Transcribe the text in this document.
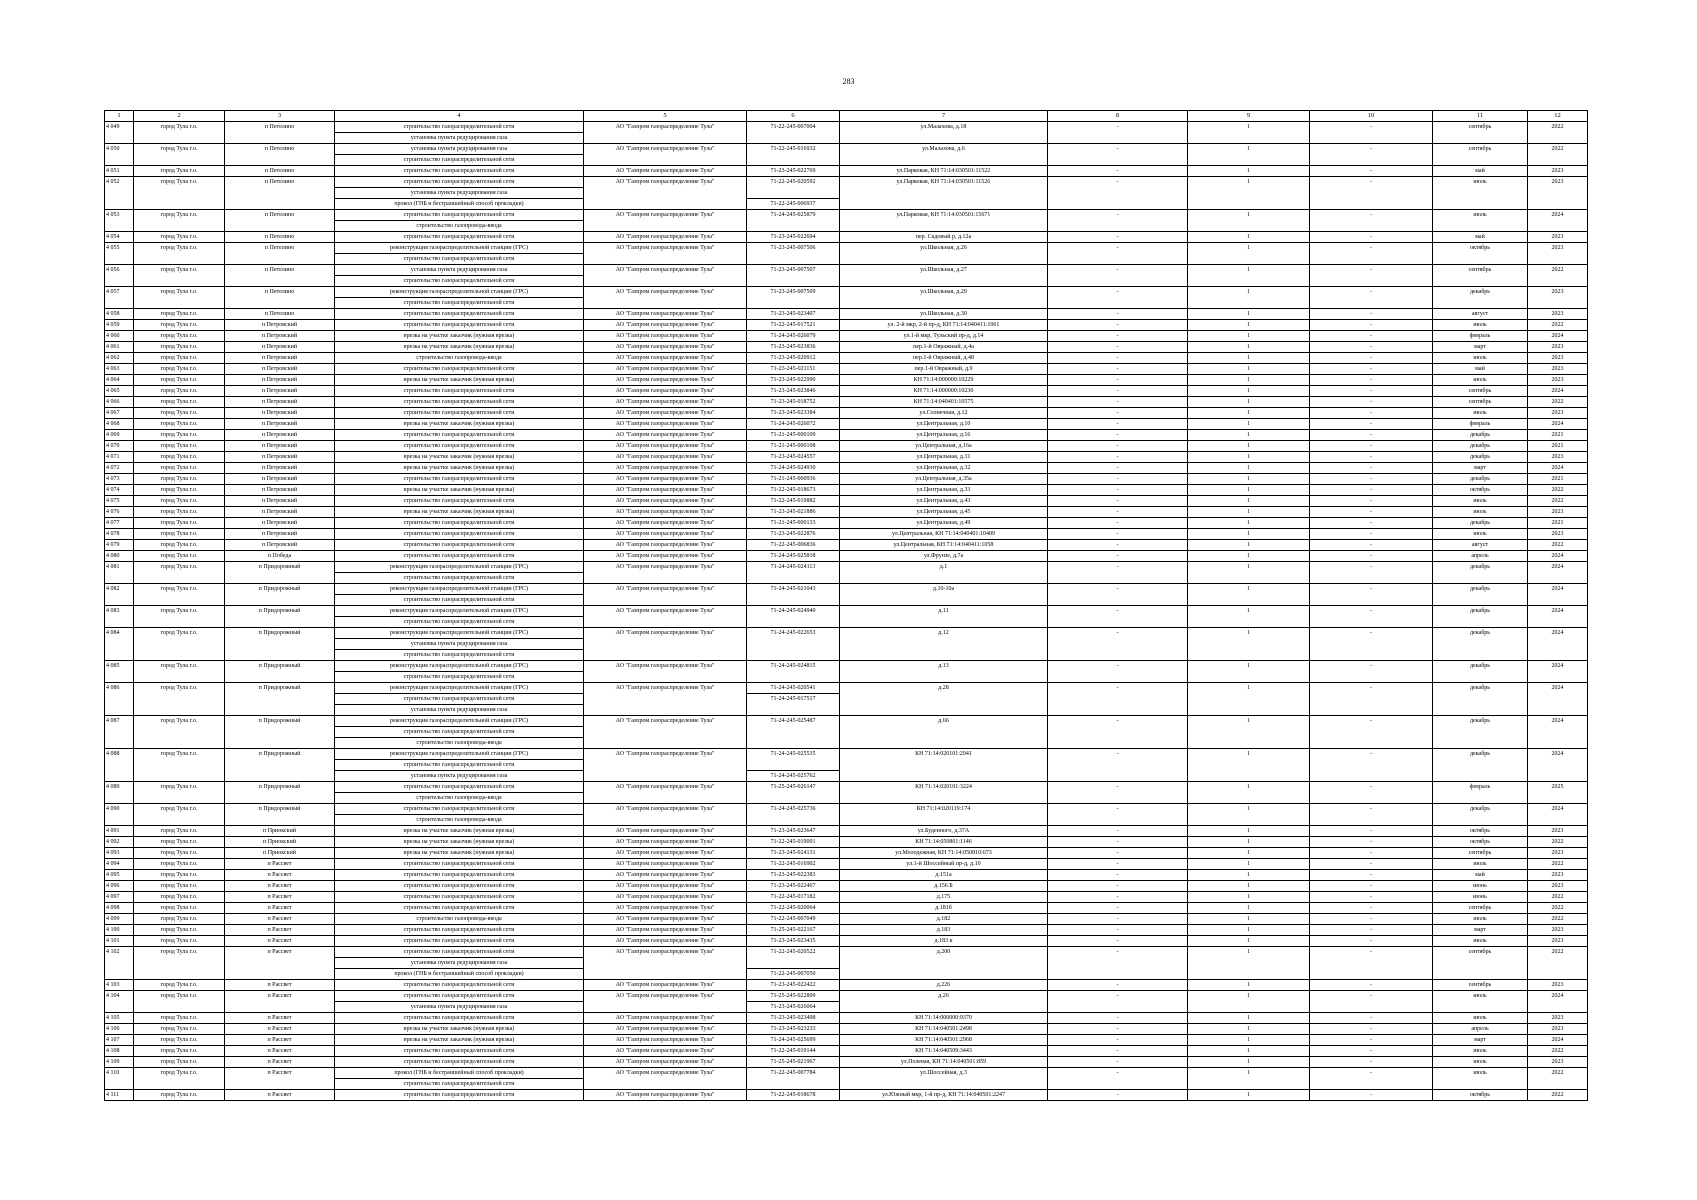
283
1	2	3	4	5	6	7	8	9	10	11	12
4 049	город Тула г.о.	п Петелино	строительство газораспределительной сети	АО "Газпром газораспределение Тула"	71-22-245-007004	ул.Малахова, д.18	-	1	-	сентябрь	2022
			установка пункта редуцирования газа								
4 050	город Тула г.о.	п Петелино	установка пункта редуцирования газа	АО "Газпром газораспределение Тула"	71-22-245-016932	ул.Малахова, д.6	-	1	-	сентябрь	2022
			строительство газораспределительной сети								
4 051	город Тула г.о.	п Петелино	строительство газораспределительной сети	АО "Газпром газораспределение Тула"	71-23-245-022769	ул.Парковая, КН 71:14:030501:11522	-	1	-	май	2023
4 052	город Тула г.о.	п Петелино	строительство газораспределительной сети	АО "Газпром газораспределение Тула"	71-22-245-020592	ул.Парковая, КН 71:14:030501:11526	-	1	-	июль	2023
			установка пункта редуцирования газа								
			прокол (ГНБ и бестраншейный способ прокладки)		71-22-245-006937						
4 053	город Тула г.о.	п Петелино	строительство газораспределительной сети	АО "Газпром газораспределение Тула"	71-24-245-025879	ул.Парковая, КН 71:14:030501:15671	-	1	-	июль	2024
			строительство газопровода-ввода								
4 054	город Тула г.о.	п Петелино	строительство газораспределительной сети	АО "Газпром газораспределение Тула"	71-23-245-022694	пер. Садовый р, д.12а	-	1	-	май	2023
4 055	город Тула г.о.	п Петелино	реконструкция газораспределительной станции (ГРС)	АО "Газпром газораспределение Тула"	71-23-245-007506	ул.Школьная, д.26	-	1	-	октябрь	2023
			строительство газораспределительной сети								
4 056	город Тула г.о.	п Петелино	установка пункта редуцирования газа	АО "Газпром газораспределение Тула"	71-23-245-007507	ул.Школьная, д.27	-	1	-	сентябрь	2022
			строительство газораспределительной сети								
4 057	город Тула г.о.	п Петелино	реконструкция газораспределительной станции (ГРС)	АО "Газпром газораспределение Тула"	71-23-245-007509	ул.Школьная, д.29	-	1	-	декабрь	2023
			строительство газораспределительной сети								
4 058	город Тула г.о.	п Петелино	строительство газораспределительной сети	АО "Газпром газораспределение Тула"	71-23-245-023407	ул.Школьная, д.30	-	1	-	август	2023
4 059	город Тула г.о.	п Петровский	строительство газораспределительной сети	АО "Газпром газораспределение Тула"	71-22-245-017521	ул. 2-й мкр, 2-й пр-д, КН 71:14:040411:1061	-	1	-	июль	2022
4 060	город Тула г.о.	п Петровский	врезка на участке заказчик (нужная врезка)	АО "Газпром газораспределение Тула"	71-24-245-026079	ул.1-й мкр, Тульский пр-д, д.14	-	1	-	февраль	2024
4 061	город Тула г.о.	п Петровский	врезка на участке заказчик (нужная врезка)	АО "Газпром газораспределение Тула"	71-23-245-023836	пер.1-й Овражный, д.4а	-	1	-	март	2023
4 062	город Тула г.о.	п Петровский	строительство газопровода-ввода	АО "Газпром газораспределение Тула"	71-23-245-020912	пер.1-й Овражный, д.48	-	1	-	июль	2023
4 063	город Тула г.о.	п Петровский	строительство газораспределительной сети	АО "Газпром газораспределение Тула"	71-23-245-021151	пер.1-й Овражный, д.9	-	1	-	май	2023
4 064	город Тула г.о.	п Петровский	врезка на участке заказчик (нужная врезка)	АО "Газпром газораспределение Тула"	71-23-245-022990	КН 71:14:000000:10229	-	1	-	июль	2023
4 065	город Тула г.о.	п Петровский	строительство газораспределительной сети	АО "Газпром газораспределение Тула"	71-23-245-023846	КН 71:14:000000:10230	-	1	-	сентябрь	2024
4 066	город Тула г.о.	п Петровский	строительство газораспределительной сети	АО "Газпром газораспределение Тула"	71-23-245-018752	КН 71:14:040401:10575	-	1	-	сентябрь	2022
4 067	город Тула г.о.	п Петровский	строительство газораспределительной сети	АО "Газпром газораспределение Тула"	71-23-245-023384	ул.Солнечная, д.12	-	1	-	июль	2023
4 068	город Тула г.о.	п Петровский	врезка на участке заказчик (нужная врезка)	АО "Газпром газораспределение Тула"	71-24-245-026072	ул.Центральная, д.10	-	1	-	февраль	2024
4 069	город Тула г.о.	п Петровский	строительство газораспределительной сети	АО "Газпром газораспределение Тула"	71-21-245-000109	ул.Центральная, д.16	-	1	-	декабрь	2021
4 070	город Тула г.о.	п Петровский	строительство газораспределительной сети	АО "Газпром газораспределение Тула"	71-21-245-000108	ул.Центральная, д.16а	-	1	-	декабрь	2021
4 071	город Тула г.о.	п Петровский	врезка на участке заказчик (нужная врезка)	АО "Газпром газораспределение Тула"	71-23-245-024557	ул.Центральная, д.31	-	1	-	декабрь	2023
4 072	город Тула г.о.	п Петровский	врезка на участке заказчик (нужная врезка)	АО "Газпром газораспределение Тула"	71-24-245-024930	ул.Центральная, д.32	-	1	-	март	2024
4 073	город Тула г.о.	п Петровский	строительство газораспределительной сети	АО "Газпром газораспределение Тула"	71-21-245-000936	ул.Центральная, д.35а	-	1	-	декабрь	2021
4 074	город Тула г.о.	п Петровский	врезка на участке заказчик (нужная врезка)	АО "Газпром газораспределение Тула"	71-22-245-018673	ул.Центральная, д.33	-	1	-	октябрь	2022
4 075	город Тула г.о.	п Петровский	строительство газораспределительной сети	АО "Газпром газораспределение Тула"	71-22-245-019882	ул.Центральная, д.43	-	1	-	июль	2022
4 076	город Тула г.о.	п Петровский	врезка на участке заказчик (нужная врезка)	АО "Газпром газораспределение Тула"	71-23-245-021886	ул.Центральная, д.45	-	1	-	июль	2023
4 077	город Тула г.о.	п Петровский	строительство газораспределительной сети	АО "Газпром газораспределение Тула"	71-21-245-000133	ул.Центральная, д.49	-	1	-	декабрь	2021
4 078	город Тула г.о.	п Петровский	строительство газораспределительной сети	АО "Газпром газораспределение Тула"	71-23-245-022876	ул.Центральная, КН 71:14:040401:10489	-	1	-	июль	2023
4 079	город Тула г.о.	п Петровский	строительство газораспределительной сети	АО "Газпром газораспределение Тула"	71-22-245-006836	ул.Центральная, КН 71:14:040411:1058	-	1	-	август	2022
4 080	город Тула г.о.	п Победа	строительство газораспределительной сети	АО "Газпром газораспределение Тула"	71-24-245-025818	ул.Фрунзе, д.7а	-	1	-	апрель	2024
4 081	город Тула г.о.	п Придорожный	реконструкция газораспределительной станции (ГРС)	АО "Газпром газораспределение Тула"	71-24-245-024113	д.1	-	1	-	декабрь	2024
			строительство газораспределительной сети								
4 082	город Тула г.о.	п Придорожный	реконструкция газораспределительной станции (ГРС)	АО "Газпром газораспределение Тула"	71-24-245-021043	д.10-10а	-	1	-	декабрь	2024
			строительство газораспределительной сети								
4 083	город Тула г.о.	п Придорожный	реконструкция газораспределительной станции (ГРС)	АО "Газпром газораспределение Тула"	71-24-245-024940	д.11	-	1	-	декабрь	2024
			строительство газораспределительной сети								
4 084	город Тула г.о.	п Придорожный	реконструкция газораспределительной станции (ГРС)	АО "Газпром газораспределение Тула"	71-24-245-022653	д.12	-	1	-	декабрь	2024
			установка пункта редуцирования газа								
			строительство газораспределительной сети								
4 085	город Тула г.о.	п Придорожный	реконструкция газораспределительной станции (ГРС)	АО "Газпром газораспределение Тула"	71-24-245-024815	д.13	-	1	-	декабрь	2024
			строительство газораспределительной сети								
4 086	город Тула г.о.	п Придорожный	реконструкция газораспределительной станции (ГРС)	АО "Газпром газораспределение Тула"	71-24-245-020541	д.28	-	1	-	декабрь	2024
			строительство газораспределительной сети		71-24-245-017517						
			установка пункта редуцирования газа								
4 087	город Тула г.о.	п Придорожный	реконструкция газораспределительной станции (ГРС)	АО "Газпром газораспределение Тула"	71-24-245-025487	д.66	-	1	-	декабрь	2024
			строительство газораспределительной сети								
			строительство газопровода-ввода								
4 088	город Тула г.о.	п Придорожный	реконструкция газораспределительной станции (ГРС)	АО "Газпром газораспределение Тула"	71-24-245-025535	КН 71:14:020101:2941	-	1	-	декабрь	2024
			строительство газораспределительной сети								
			установка пункта редуцирования газа		71-24-245-025762						
4 089	город Тула г.о.	п Придорожный	строительство газораспределительной сети	АО "Газпром газораспределение Тула"	71-25-245-026147	КН 71:14:020101:3224	-	1	-	февраль	2025
			строительство газопровода-ввода								
4 090	город Тула г.о.	п Придорожный	строительство газораспределительной сети	АО "Газпром газораспределение Тула"	71-24-245-025736	КН 71:14:020119:174	-	1	-	декабрь	2024
			строительство газопровода-ввода								
4 091	город Тула г.о.	п Приокский	врезка на участке заказчик (нужная врезка)	АО "Газпром газораспределение Тула"	71-23-245-023647	ул.Буденного, д.37А	-	1	-	октябрь	2023
4 092	город Тула г.о.	п Приокский	врезка на участке заказчик (нужная врезка)	АО "Газпром газораспределение Тула"	71-22-245-019001	КН 71:14:050801:1146	-	1	-	октябрь	2022
4 093	город Тула г.о.	п Приокский	врезка на участке заказчик (нужная врезка)	АО "Газпром газораспределение Тула"	71-23-245-024131	ул.Молодежная, КН 71:14:050810:673	-	1	-	сентябрь	2023
4 094	город Тула г.о.	п Рассвет	строительство газораспределительной сети	АО "Газпром газораспределение Тула"	71-22-245-016902	ул.1-й Шоссейный пр-д, д.10	-	1	-	июль	2022
4 095	город Тула г.о.	п Рассвет	строительство газораспределительной сети	АО "Газпром газораспределение Тула"	71-23-245-022383	д.151а	-	1	-	май	2023
4 096	город Тула г.о.	п Рассвет	строительство газораспределительной сети	АО "Газпром газораспределение Тула"	71-23-245-022467	д.156 Б	-	1	-	июнь	2023
4 097	город Тула г.о.	п Рассвет	строительство газораспределительной сети	АО "Газпром газораспределение Тула"	71-22-245-017182	д.175	-	1	-	июнь	2022
4 098	город Тула г.о.	п Рассвет	строительство газораспределительной сети	АО "Газпром газораспределение Тула"	71-22-245-020064	д.181б	-	1	-	сентябрь	2022
4 099	город Тула г.о.	п Рассвет	строительство газопровода-ввода	АО "Газпром газораспределение Тула"	71-22-245-007049	д.182	-	1	-	июль	2022
4 100	город Тула г.о.	п Рассвет	строительство газораспределительной сети	АО "Газпром газораспределение Тула"	71-25-245-022167	д.183	-	1	-	март	2023
4 101	город Тула г.о.	п Рассвет	строительство газораспределительной сети	АО "Газпром газораспределение Тула"	71-23-245-023435	д.183 к	-	1	-	июль	2023
4 102	город Тула г.о.	п Рассвет	строительство газораспределительной сети	АО "Газпром газораспределение Тула"	71-22-245-020522	д.200	-	1	-	сентябрь	2022
			установка пункта редуцирования газа								
			прокол (ГНБ и бестраншейный способ прокладки)		71-22-245-007050						
4 103	город Тула г.о.	п Рассвет	строительство газораспределительной сети	АО "Газпром газораспределение Тула"	71-23-245-022422	д.226	-	1	-	сентябрь	2023
4 104	город Тула г.о.	п Рассвет	строительство газораспределительной сети	АО "Газпром газораспределение Тула"	71-25-245-022809	д.26	-	1	-	июль	2024
			установка пункта редуцирования газа		71-23-245-026064						
4 105	город Тула г.о.	п Рассвет	строительство газораспределительной сети	АО "Газпром газораспределение Тула"	71-23-245-023498	КН 71:14:000000:9370	-	1	-	июль	2023
4 106	город Тула г.о.	п Рассвет	врезка на участке заказчик (нужная врезка)	АО "Газпром газораспределение Тула"	71-23-245-023233	КН 71:14:040501:2498	-	1	-	апрель	2023
4 107	город Тула г.о.	п Рассвет	врезка на участке заказчик (нужная врезка)	АО "Газпром газораспределение Тула"	71-24-245-025699	КН 71:14:040501:2968	-	1	-	март	2024
4 108	город Тула г.о.	п Рассвет	строительство газораспределительной сети	АО "Газпром газораспределение Тула"	71-22-245-019144	КН 71:14:040509:3443	-	1	-	июль	2022
4 109	город Тула г.о.	п Рассвет	строительство газораспределительной сети	АО "Газпром газораспределение Тула"	71-25-245-021967	ул.Полевая, КН 71:14:040501:859	-	1	-	июль	2023
4 110	город Тула г.о.	п Рассвет	прокол (ГНБ и бестраншейный способ прокладки)	АО "Газпром газораспределение Тула"	71-22-245-007784	ул.Шоссейная, д.3	-	1	-	июль	2022
			строительство газораспределительной сети								
4 111	город Тула г.о.	п Рассвет	строительство газораспределительной сети	АО "Газпром газораспределение Тула"	71-22-245-018678	ул.Южный мкр, 1-й пр-д, КН 71:14:040501:2247	-	1	-	октябрь	2022
